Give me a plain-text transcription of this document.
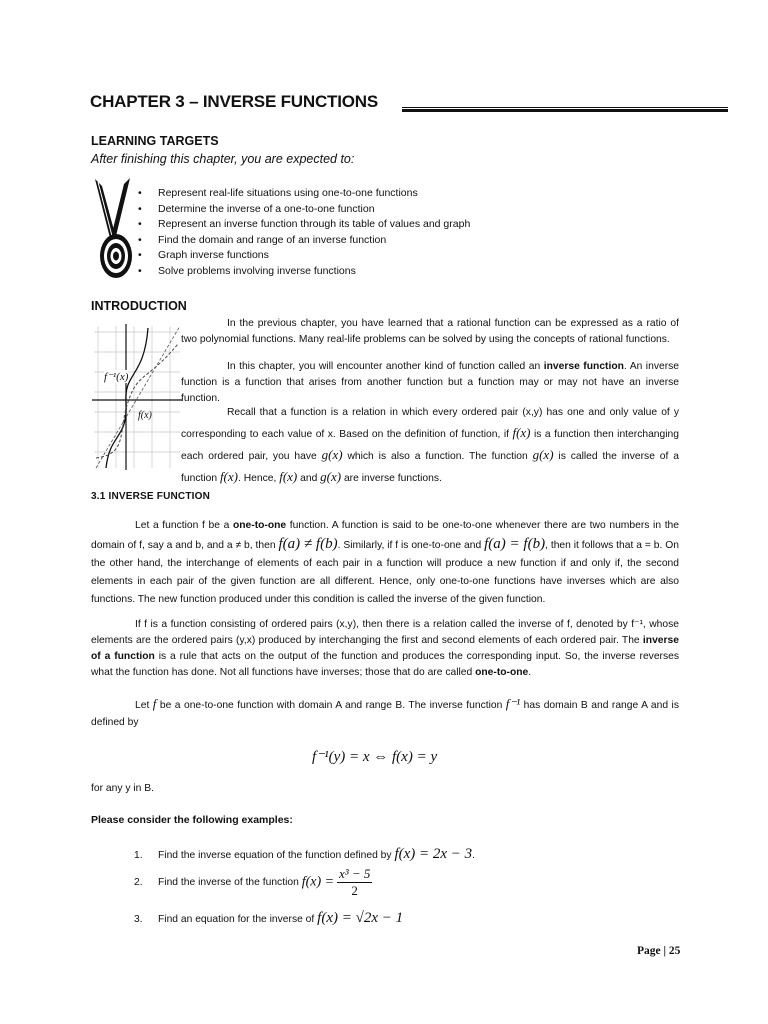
CHAPTER 3 – INVERSE FUNCTIONS
LEARNING TARGETS
After finishing this chapter, you are expected to:
• Represent real-life situations using one-to-one functions
• Determine the inverse of a one-to-one function
• Represent an inverse function through its table of values and graph
• Find the domain and range of an inverse function
• Graph inverse functions
• Solve problems involving inverse functions
INTRODUCTION
f⁻¹(x)
f(x)
In the previous chapter, you have learned that a rational function can be expressed as a ratio of two polynomial functions. Many real-life problems can be solved by using the concepts of rational functions.
In this chapter, you will encounter another kind of function called an inverse function. An inverse function is a function that arises from another function but a function may or may not have an inverse function.
Recall that a function is a relation in which every ordered pair (x,y) has one and only value of y corresponding to each value of x. Based on the definition of function, if f(x) is a function then interchanging each ordered pair, you have g(x) which is also a function. The function g(x) is called the inverse of a function f(x). Hence, f(x) and g(x) are inverse functions.
3.1 INVERSE FUNCTION
Let a function f be a one-to-one function. A function is said to be one-to-one whenever there are two numbers in the domain of f, say a and b, and a ≠ b, then f(a) ≠ f(b). Similarly, if f is one-to-one and f(a) = f(b), then it follows that a = b. On the other hand, the interchange of elements of each pair in a function will produce a new function if and only if, the second elements in each pair of the given function are all different. Hence, only one-to-one functions have inverses which are also functions. The new function produced under this condition is called the inverse of the given function.
If f is a function consisting of ordered pairs (x,y), then there is a relation called the inverse of f, denoted by f⁻¹, whose elements are the ordered pairs (y,x) produced by interchanging the first and second elements of each ordered pair. The inverse of a function is a rule that acts on the output of the function and produces the corresponding input. So, the inverse reverses what the function has done. Not all functions have inverses; those that do are called one-to-one.
Let f be a one-to-one function with domain A and range B. The inverse function f⁻¹ has domain B and range A and is defined by
f⁻¹(y) = x ⇔ f(x) = y
for any y in B.
Please consider the following examples:
1. Find the inverse equation of the function defined by f(x) = 2x − 3.
2. Find the inverse of the function $f(x) = \frac{\text{x³ − 5}}{2}$
3. Find an equation for the inverse of f(x) = √2x − 1
Page | 25
